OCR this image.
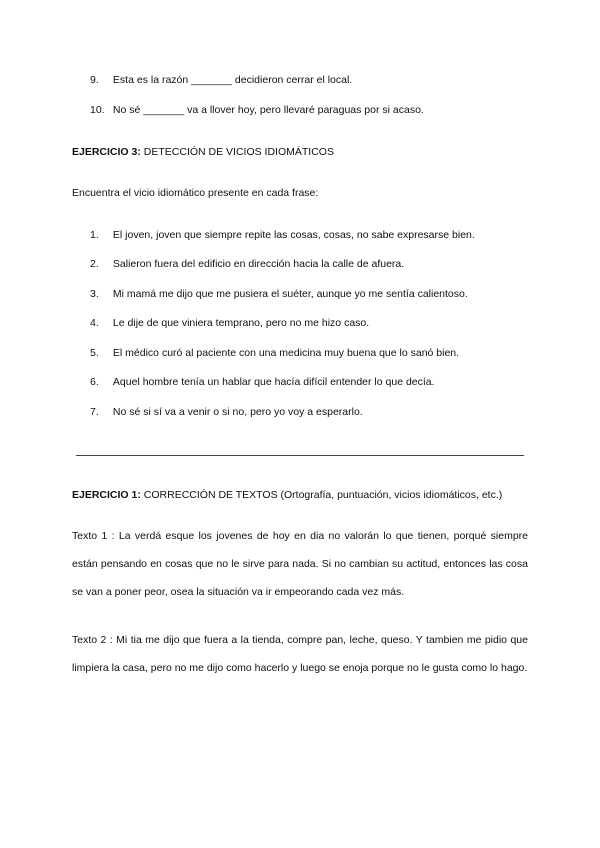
9. Esta es la razón _______ decidieron cerrar el local.
10. No sé _______ va a llover hoy, pero llevaré paraguas por si acaso.
EJERCICIO 3: DETECCIÓN DE VICIOS IDIOMÁTICOS
Encuentra el vicio idiomático presente en cada frase:
1. El joven, joven que siempre repite las cosas, cosas, no sabe expresarse bien.
2. Salieron fuera del edificio en dirección hacia la calle de afuera.
3. Mi mamá me dijo que me pusiera el suéter, aunque yo me sentía calientoso.
4. Le dije de que viniera temprano, pero no me hizo caso.
5. El médico curó al paciente con una medicina muy buena que lo sanó bien.
6. Aquel hombre tenía un hablar que hacía difícil entender lo que decía.
7. No sé si sí va a venir o si no, pero yo voy a esperarlo.
EJERCICIO 1: CORRECCIÓN DE TEXTOS (Ortografía, puntuación, vicios idiomáticos, etc.)
Texto 1 : La verdá esque los jovenes de hoy en dia no valorán lo que tienen, porqué siempre están pensando en cosas que no le sirve para nada. Si no cambian su actitud, entonces las cosa se van a poner peor, osea la situación va ir empeorando cada vez más.
Texto 2 : Mi tia me dijo que fuera a la tienda, compre pan, leche, queso. Y tambien me pidio que limpiera la casa, pero no me dijo como hacerlo y luego se enoja porque no le gusta como lo hago.
